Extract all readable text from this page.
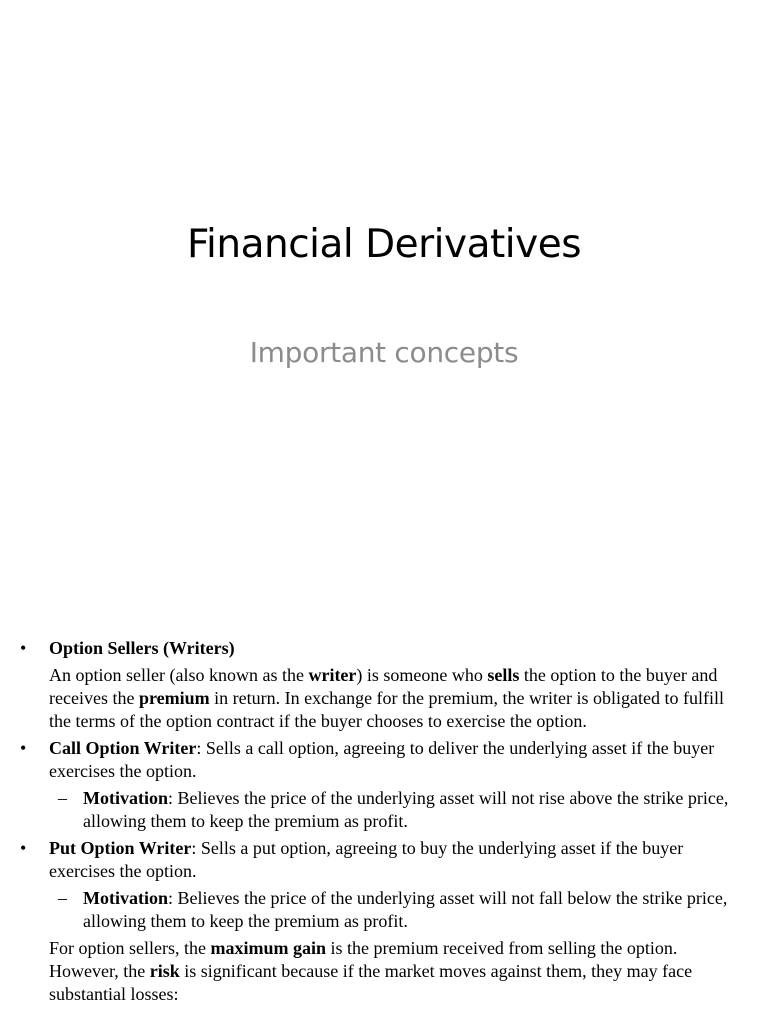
Financial Derivatives
Important concepts
• Option Sellers (Writers)
An option seller (also known as the writer) is someone who sells the option to the buyer and receives the premium in return. In exchange for the premium, the writer is obligated to fulfill the terms of the option contract if the buyer chooses to exercise the option.
• Call Option Writer: Sells a call option, agreeing to deliver the underlying asset if the buyer exercises the option.
– Motivation: Believes the price of the underlying asset will not rise above the strike price, allowing them to keep the premium as profit.
• Put Option Writer: Sells a put option, agreeing to buy the underlying asset if the buyer exercises the option.
– Motivation: Believes the price of the underlying asset will not fall below the strike price, allowing them to keep the premium as profit.
For option sellers, the maximum gain is the premium received from selling the option. However, the risk is significant because if the market moves against them, they may face substantial losses:
